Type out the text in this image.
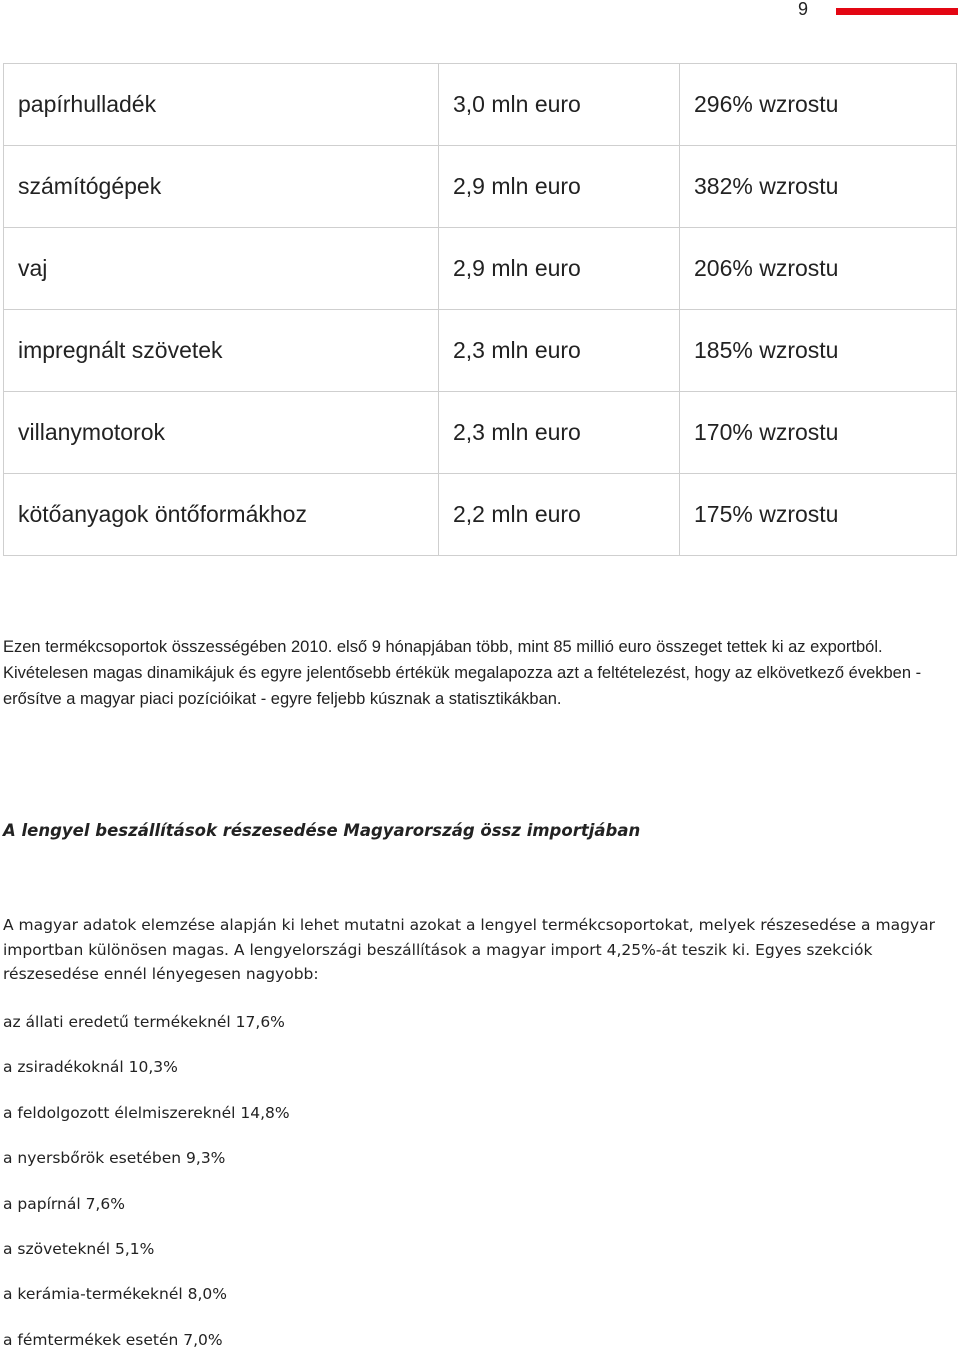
9
papírhulladék	3,0 mln euro	296% wzrostu
számítógépek	2,9 mln euro	382% wzrostu
vaj	2,9 mln euro	206% wzrostu
impregnált szövetek	2,3 mln euro	185% wzrostu
villanymotorok	2,3 mln euro	170% wzrostu
kötőanyagok öntőformákhoz	2,2 mln euro	175% wzrostu

Ezen termékcsoportok összességében 2010. első 9 hónapjában több, mint 85 millió euro összeget tettek ki az exportból. Kivételesen magas dinamikájuk és egyre jelentősebb értékük megalapozza azt a feltételezést, hogy az elkövetkező években - erősítve a magyar piaci pozícióikat - egyre feljebb kúsznak a statisztikákban.

A lengyel beszállítások részesedése Magyarország össz importjában

A magyar adatok elemzése alapján ki lehet mutatni azokat a lengyel termékcsoportokat, melyek részesedése a magyar importban különösen magas. A lengyelországi beszállítások a magyar import 4,25%-át teszik ki. Egyes szekciók részesedése ennél lényegesen nagyobb:

az állati eredetű termékeknél 17,6%
a zsiradékoknál 10,3%
a feldolgozott élelmiszereknél 14,8%
a nyersbőrök esetében 9,3%
a papírnál 7,6%
a szöveteknél 5,1%
a kerámia-termékeknél 8,0%
a fémtermékek esetén 7,0%
